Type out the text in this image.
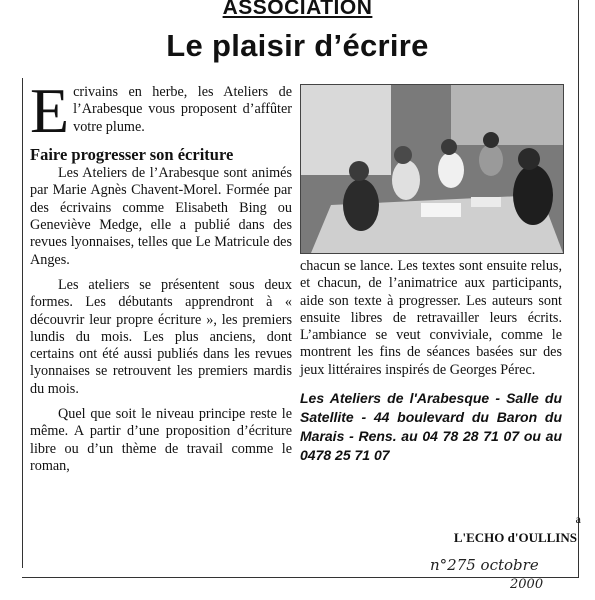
ASSOCIATION
Le plaisir d’écrire

Ecrivains en herbe, les Ateliers de l’Arabesque vous proposent d’affûter votre plume.

Faire progresser son écriture

Les Ateliers de l’Arabesque sont animés par Marie Agnès Chavent-Morel. Formée par des écrivains comme Elisabeth Bing ou Geneviève Medge, elle a publié dans des revues lyonnaises, telles que Le Matricule des Anges.

Les ateliers se présentent sous deux formes. Les débutants apprendront à « découvrir leur propre écriture », les premiers lundis du mois. Les plus anciens, dont certains ont été aussi publiés dans les revues lyonnaises se retrouvent les premiers mardis du mois.

Quel que soit le niveau principe reste le même. A partir d’une proposition d’écriture libre ou d’un thème de travail comme le roman,

chacun se lance. Les textes sont ensuite relus, et chacun, de l’animatrice aux participants, aide son texte à progresser. Les auteurs sont ensuite libres de retravailler leurs écrits. L’ambiance se veut conviviale, comme le montrent les fins de séances basées sur des jeux littéraires inspirés de Georges Pérec.

Les Ateliers de l'Arabesque - Salle du Satellite - 44 boulevard du Baron du Marais - Rens. au 04 78 28 71 07 ou au 0478 25 71 07
a
L'ECHO d'OULLINS
n°275 octobre
2000
